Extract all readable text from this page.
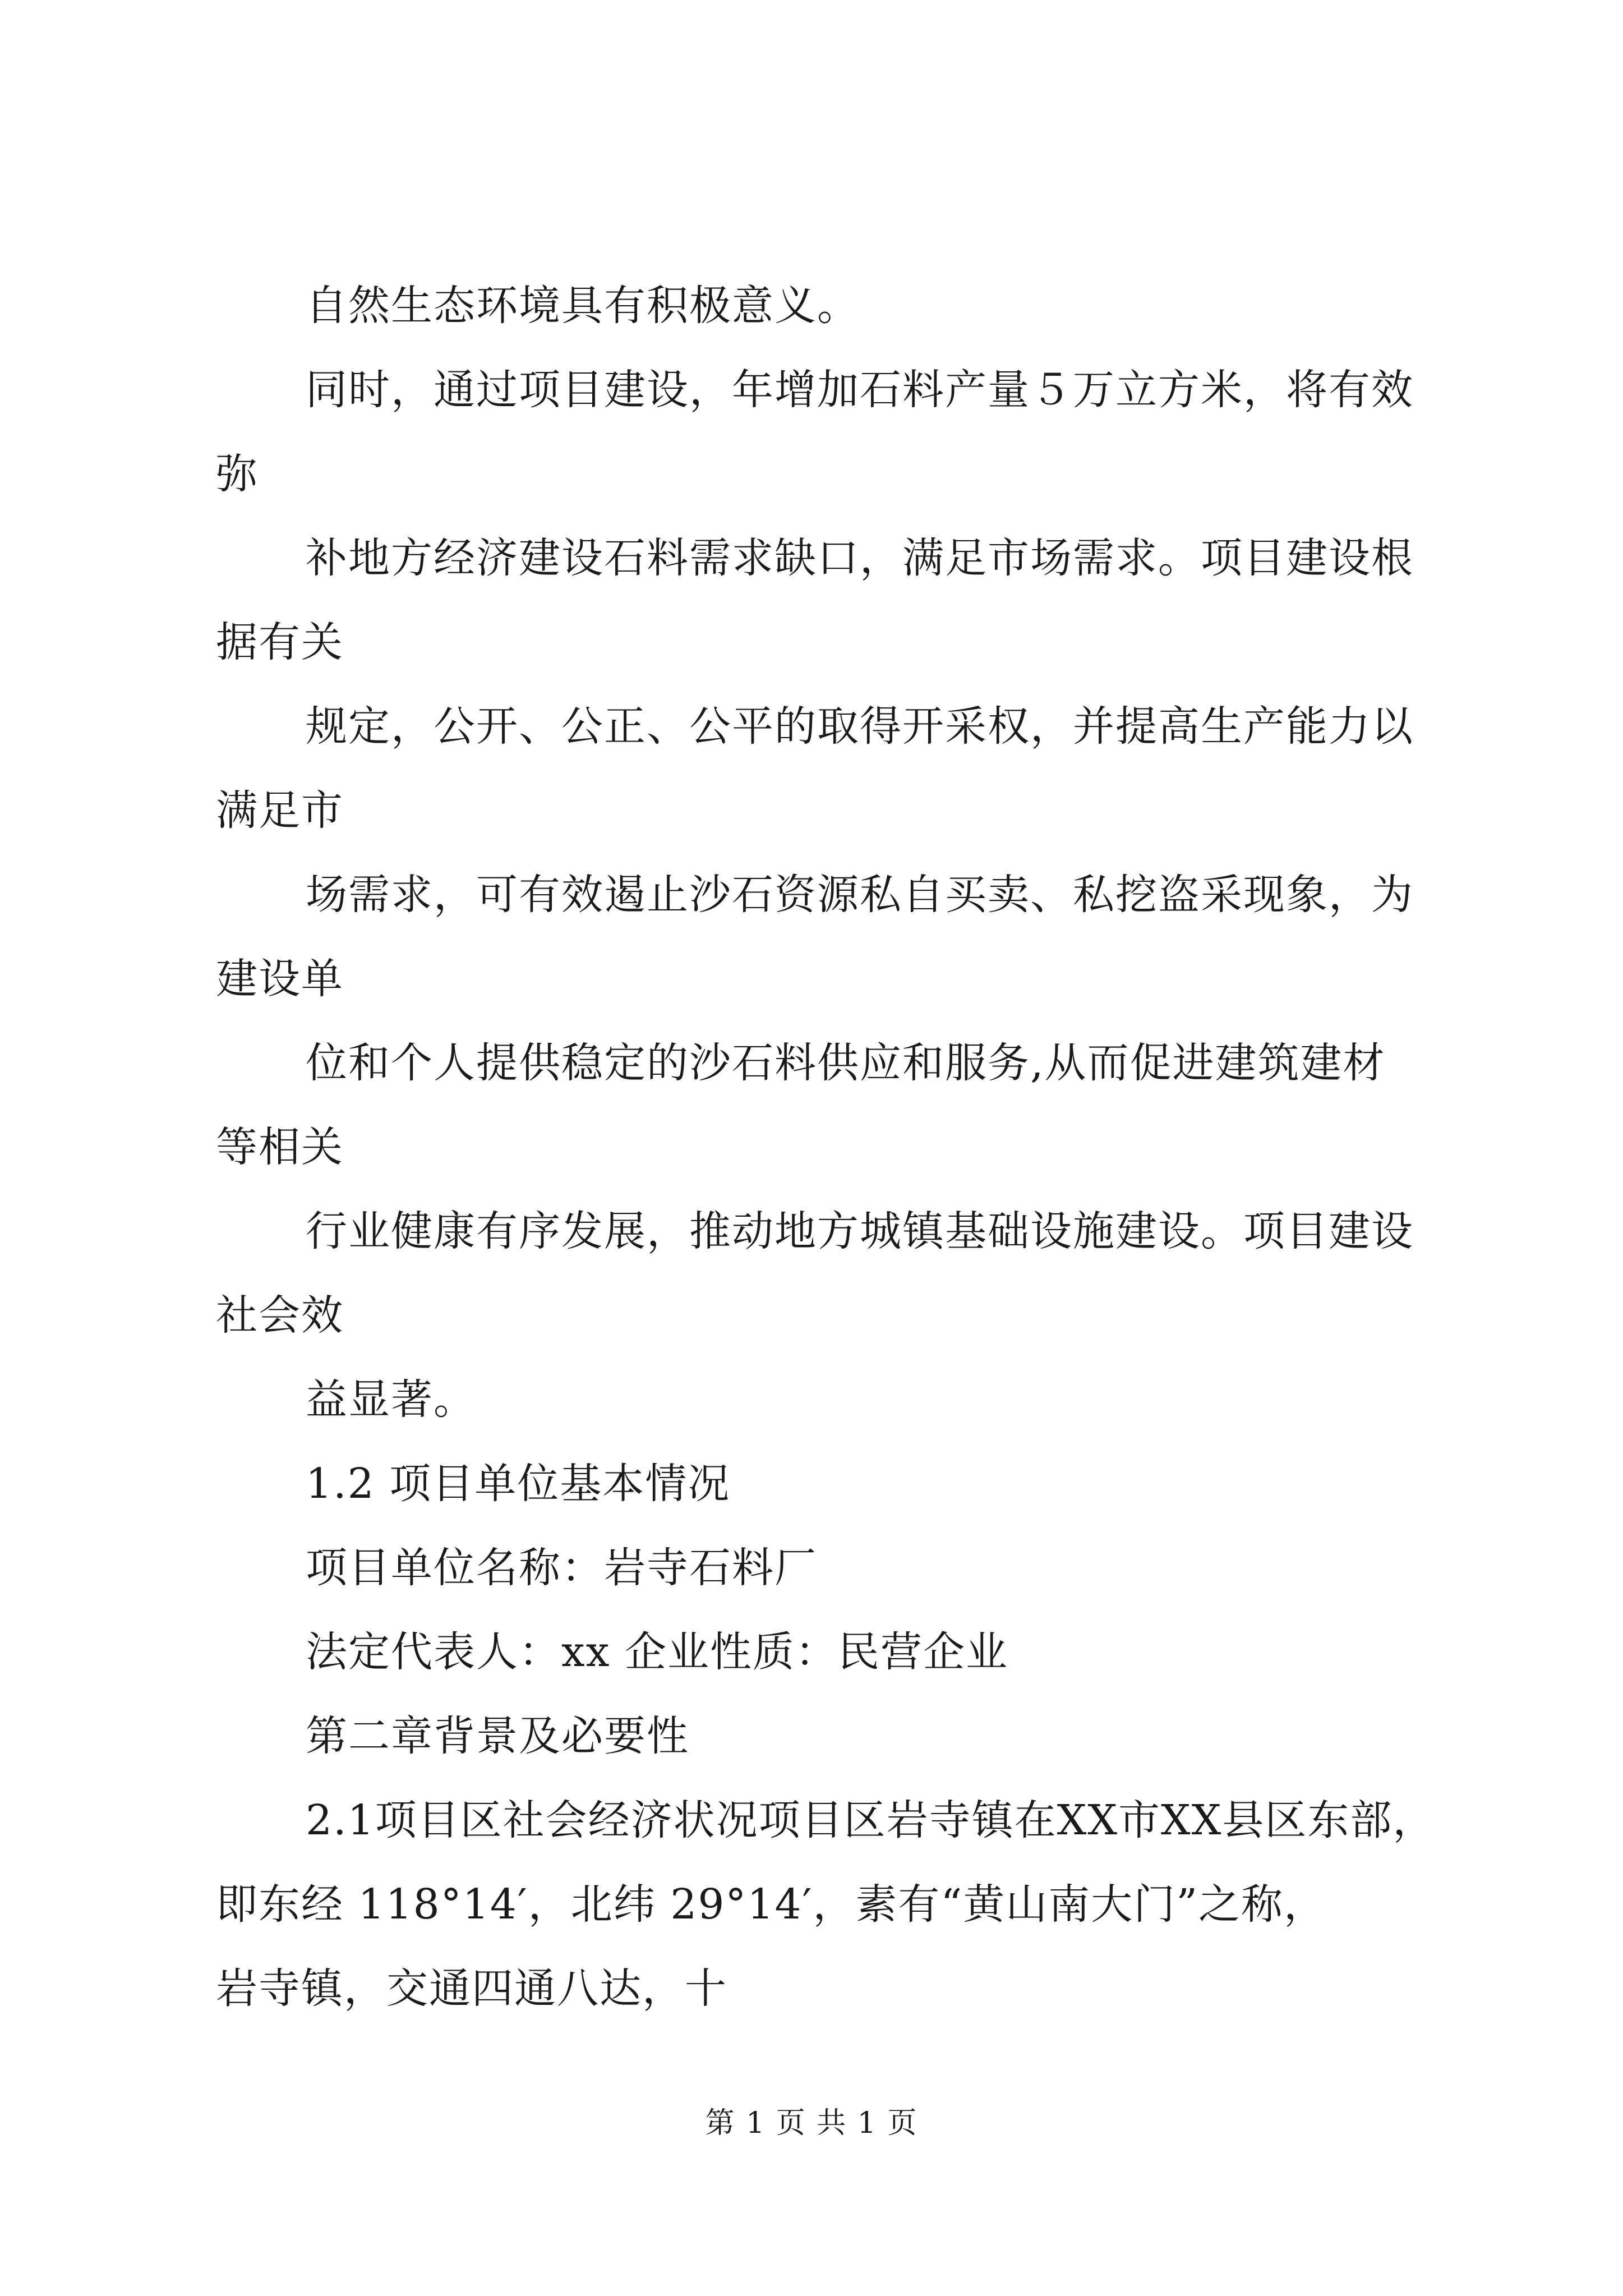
自然生态环境具有积极意义。
同时，通过项目建设，年增加石料产量５万立方米，将有效
弥
补地方经济建设石料需求缺口，满足市场需求。项目建设根
据有关
规定，公开、公正、公平的取得开采权，并提高生产能力以
满足市
场需求，可有效遏止沙石资源私自买卖、私挖盗采现象，为
建设单
位和个人提供稳定的沙石料供应和服务,从而促进建筑建材
等相关
行业健康有序发展，推动地方城镇基础设施建设。项目建设
社会效
益显著。
1.2 项目单位基本情况
项目单位名称：岩寺石料厂
法定代表人：xx 企业性质：民营企业
第二章背景及必要性
2.1项目区社会经济状况项目区岩寺镇在XX市XX县区东部，
即东经 118°14′，北纬 29°14′，素有“黄山南大门”之称，
岩寺镇，交通四通八达，十
第 1 页 共 1 页
